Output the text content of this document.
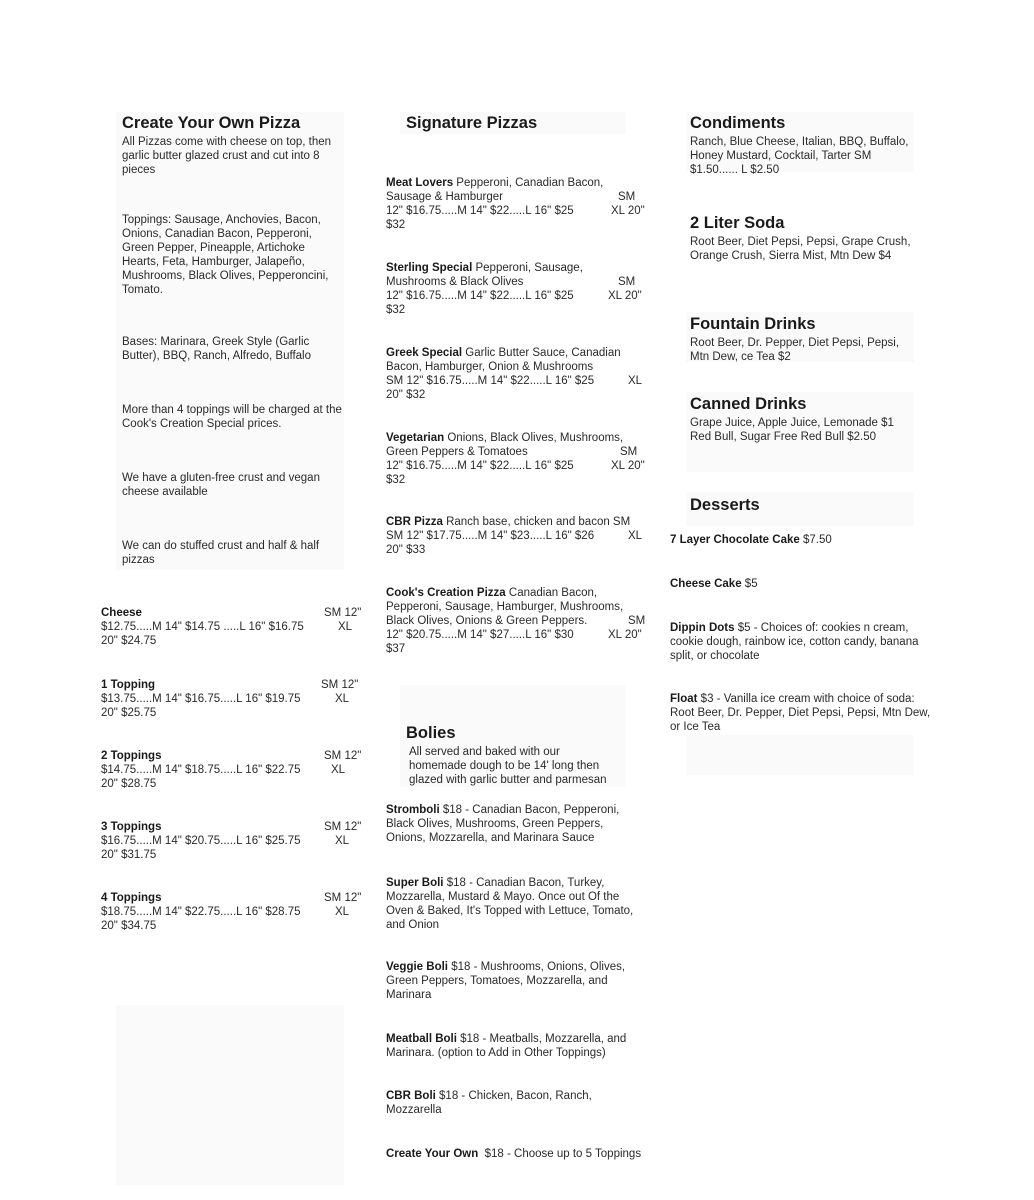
Create Your Own Pizza
All Pizzas come with cheese on top, then garlic butter glazed crust and cut into 8 pieces
Toppings: Sausage, Anchovies, Bacon, Onions, Canadian Bacon, Pepperoni, Green Pepper, Pineapple, Artichoke Hearts, Feta, Hamburger, Jalapeño, Mushrooms, Black Olives, Pepperoncini, Tomato.
Bases: Marinara, Greek Style (Garlic Butter), BBQ, Ranch, Alfredo, Buffalo
More than 4 toppings will be charged at the Cook's Creation Special prices.
We have a gluten-free crust and vegan cheese available
We can do stuffed crust and half & half pizzas
Cheese	SM 12"
$12.75.....M 14" $14.75 .....L 16" $16.75	XL
20" $24.75
1 Topping	SM 12"
$13.75.....M 14" $16.75.....L 16" $19.75	XL
20" $25.75
2 Toppings	SM 12"
$14.75.....M 14" $18.75.....L 16" $22.75	XL
20" $28.75
3 Toppings	SM 12"
$16.75.....M 14" $20.75.....L 16" $25.75	XL
20" $31.75
4 Toppings	SM 12"
$18.75.....M 14" $22.75.....L 16" $28.75	XL
20" $34.75
Signature Pizzas
Meat Lovers Pepperoni, Canadian Bacon,
Sausage & Hamburger	SM
12" $16.75.....M 14" $22.....L 16" $25	XL 20"
$32
Sterling Special Pepperoni, Sausage,
Mushrooms & Black Olives	SM
12" $16.75.....M 14" $22.....L 16" $25	XL 20"
$32
Greek Special Garlic Butter Sauce, Canadian
Bacon, Hamburger, Onion & Mushrooms
SM 12" $16.75.....M 14" $22.....L 16" $25	XL
20" $32
Vegetarian Onions, Black Olives, Mushrooms,
Green Peppers & Tomatoes	SM
12" $16.75.....M 14" $22.....L 16" $25	XL 20"
$32
CBR Pizza Ranch base, chicken and bacon SM
SM 12" $17.75.....M 14" $23.....L 16" $26	XL
20" $33
Cook's Creation Pizza Canadian Bacon,
Pepperoni, Sausage, Hamburger, Mushrooms,
Black Olives, Onions & Green Peppers.	SM
12" $20.75.....M 14" $27.....L 16" $30	XL 20"
$37
Bolies
All served and baked with our homemade dough to be 14' long then glazed with garlic butter and parmesan
Stromboli $18 - Canadian Bacon, Pepperoni, Black Olives, Mushrooms, Green Peppers, Onions, Mozzarella, and Marinara Sauce
Super Boli $18 - Canadian Bacon, Turkey, Mozzarella, Mustard & Mayo. Once out Of the Oven & Baked, It's Topped with Lettuce, Tomato, and Onion
Veggie Boli $18 - Mushrooms, Onions, Olives, Green Peppers, Tomatoes, Mozzarella, and Marinara
Meatball Boli $18 - Meatballs, Mozzarella, and Marinara. (option to Add in Other Toppings)
CBR Boli $18 - Chicken, Bacon, Ranch, Mozzarella
Create Your Own  $18 - Choose up to 5 Toppings
Condiments
Ranch, Blue Cheese, Italian, BBQ, Buffalo, Honey Mustard, Cocktail, Tarter SM $1.50...... L $2.50
2 Liter Soda
Root Beer, Diet Pepsi, Pepsi, Grape Crush, Orange Crush, Sierra Mist, Mtn Dew $4
Fountain Drinks
Root Beer, Dr. Pepper, Diet Pepsi, Pepsi, Mtn Dew, ce Tea $2
Canned Drinks
Grape Juice, Apple Juice, Lemonade $1 Red Bull, Sugar Free Red Bull $2.50
Desserts
7 Layer Chocolate Cake $7.50
Cheese Cake $5
Dippin Dots $5 - Choices of: cookies n cream, cookie dough, rainbow ice, cotton candy, banana split, or chocolate
Float $3 - Vanilla ice cream with choice of soda: Root Beer, Dr. Pepper, Diet Pepsi, Pepsi, Mtn Dew, or Ice Tea
